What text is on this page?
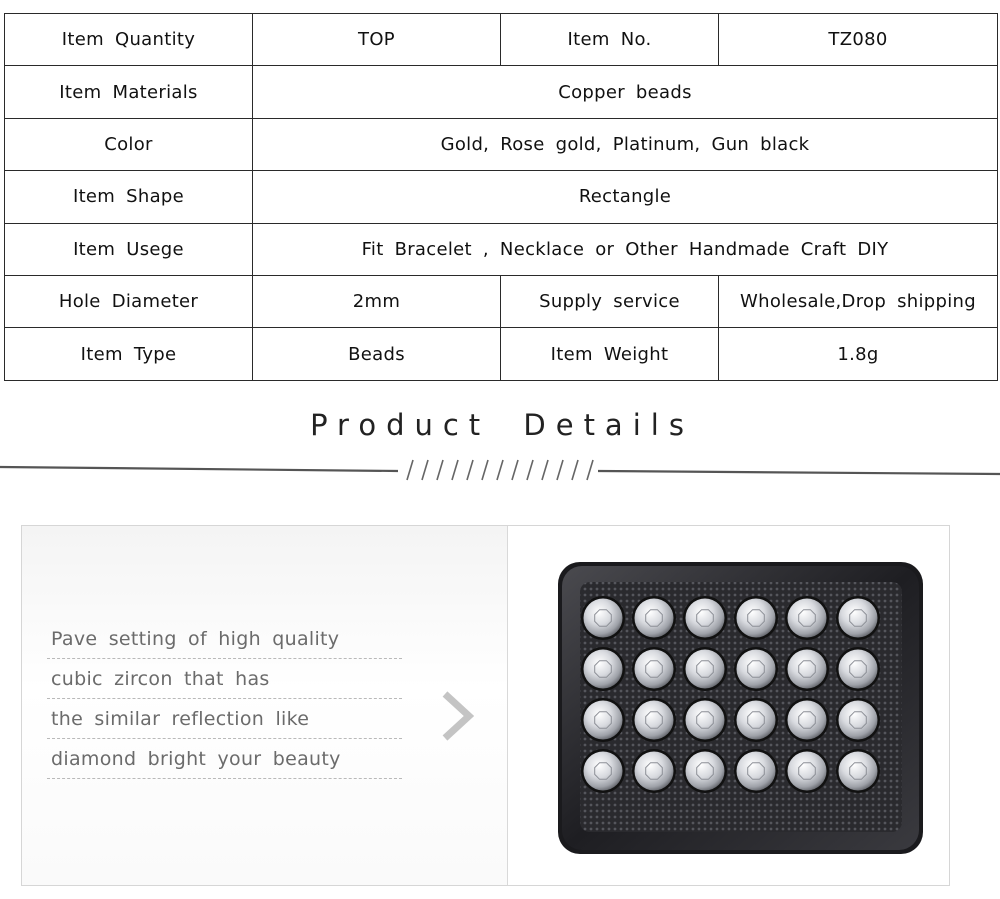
Item Quantity	TOP	Item No.	TZ080
Item Materials	Copper beads		
Color	Gold, Rose gold, Platinum, Gun black		
Item Shape	Rectangle		
Item Usege	Fit Bracelet , Necklace or Other Handmade Craft DIY		
Hole Diameter	2mm	Supply service	Wholesale,Drop shipping
Item Type	Beads	Item Weight	1.8g
Product Details
Pave setting of high quality
cubic zircon that has
the similar reflection like
diamond bright your beauty
